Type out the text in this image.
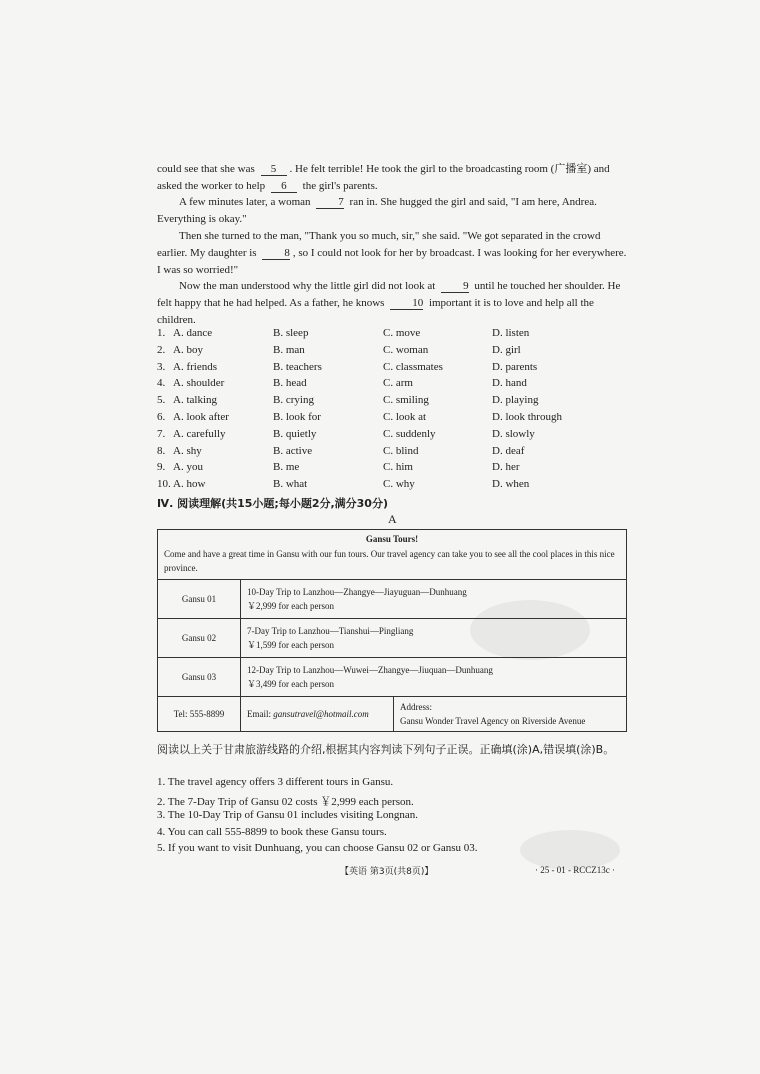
could see that she was 5 . He felt terrible! He took the girl to the broadcasting room (广播室) and asked the worker to help 6 the girl's parents.

A few minutes later, a woman	7 ran in. She hugged the girl and said, "I am here, Andrea. Everything is okay."

Then she turned to the man, "Thank you so much, sir," she said. "We got separated in the crowd earlier. My daughter is	8 , so I could not look for her by broadcast. I was looking for her everywhere. I was so worried!"

Now the man understood why the little girl did not look at	9 until he touched her shoulder. He felt happy that he had helped. As a father, he knows	10 important it is to love and help all the children.

1. A. dance	B. sleep	C. move	D. listen
2. A. boy	B. man	C. woman	D. girl
3. A. friends	B. teachers	C. classmates	D. parents
4. A. shoulder	B. head	C. arm	D. hand
5. A. talking	B. crying	C. smiling	D. playing
6. A. look after	B. look for	C. look at	D. look through
7. A. carefully	B. quietly	C. suddenly	D. slowly
8. A. shy	B. active	C. blind	D. deaf
9. A. you	B. me	C. him	D. her
10. A. how	B. what	C. why	D. when
Ⅳ. 阅读理解(共15小题;每小题2分,满分30分)
A
Gansu Tours!
Come and have a great time in Gansu with our fun tours. Our travel agency can take you to see all the cool places in this nice province.		

Gansu 01	10-Day Trip to Lanzhou—Zhangye—Jiayuguan—Dunhuang
￥2,999 for each person	

Gansu 02	7-Day Trip to Lanzhou—Tianshui—Pingliang
￥1,599 for each person	

Gansu 03	12-Day Trip to Lanzhou—Wuwei—Zhangye—Jiuquan—Dunhuang
￥3,499 for each person	

Tel: 555-8899	Email: gansutravel@hotmail.com	Address:
Gansu Wonder Travel Agency on Riverside Avenue
阅读以上关于甘肃旅游线路的介绍,根据其内容判读下列句子正误。正确填(涂)A,错误填(涂)B。
1. The travel agency offers 3 different tours in Gansu.
2. The 7-Day Trip of Gansu 02 costs ￥2,999 each person.
3. The 10-Day Trip of Gansu 01 includes visiting Longnan.
4. You can call 555-8899 to book these Gansu tours.
5. If you want to visit Dunhuang, you can choose Gansu 02 or Gansu 03.
【英语 第3页(共8页)】	· 25 - 01 - RCCZ13c ·
